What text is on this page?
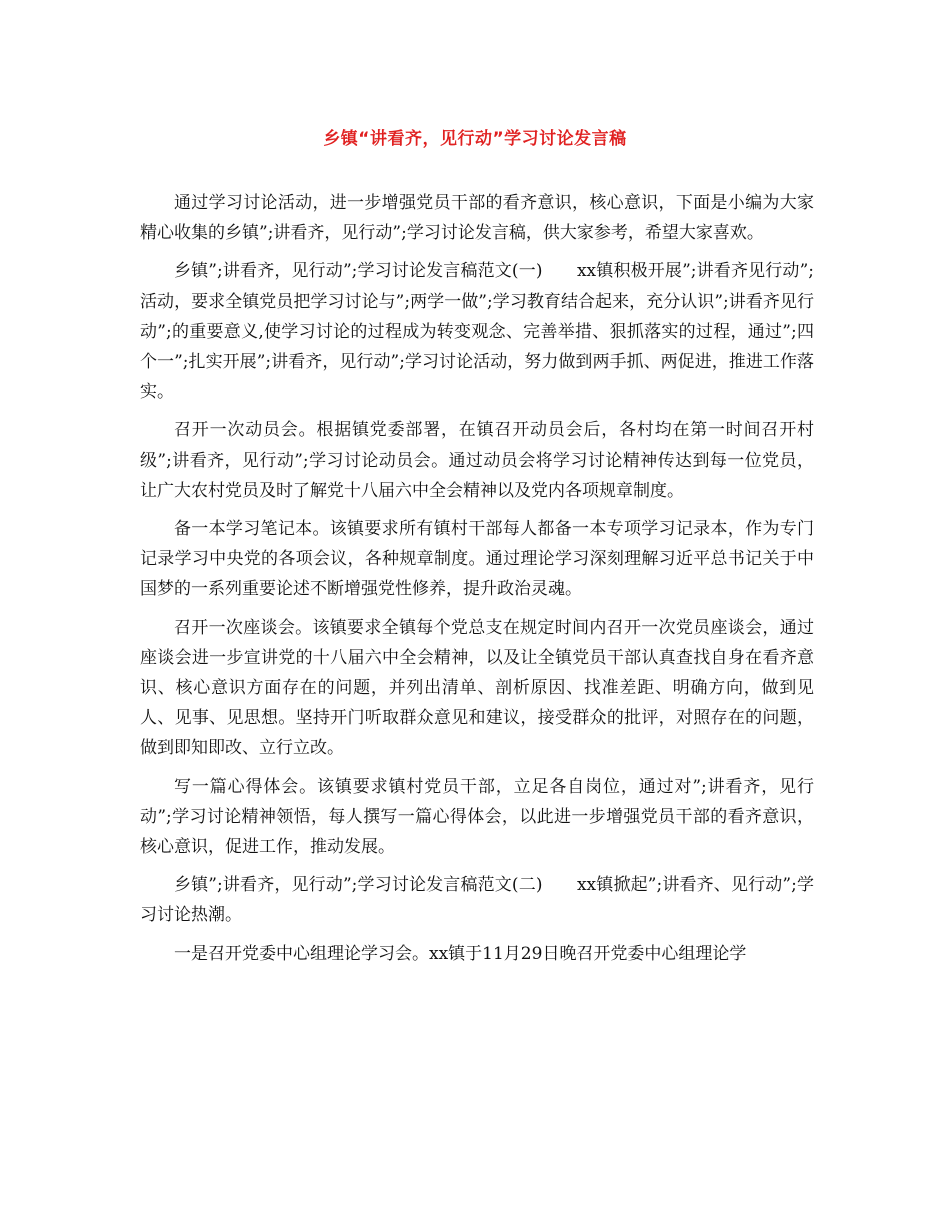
乡镇“讲看齐，见行动”学习讨论发言稿

通过学习讨论活动，进一步增强党员干部的看齐意识，核心意识，下面是小编为大家精心收集的乡镇”;讲看齐，见行动”;学习讨论发言稿，供大家参考，希望大家喜欢。

乡镇”;讲看齐，见行动”;学习讨论发言稿范文(一)　　xx镇积极开展”;讲看齐见行动”;活动，要求全镇党员把学习讨论与”;两学一做”;学习教育结合起来，充分认识”;讲看齐见行动”;的重要意义,使学习讨论的过程成为转变观念、完善举措、狠抓落实的过程，通过”;四个一”;扎实开展”;讲看齐，见行动”;学习讨论活动，努力做到两手抓、两促进，推进工作落实。

召开一次动员会。根据镇党委部署，在镇召开动员会后，各村均在第一时间召开村级”;讲看齐，见行动”;学习讨论动员会。通过动员会将学习讨论精神传达到每一位党员，让广大农村党员及时了解党十八届六中全会精神以及党内各项规章制度。

备一本学习笔记本。该镇要求所有镇村干部每人都备一本专项学习记录本，作为专门记录学习中央党的各项会议，各种规章制度。通过理论学习深刻理解习近平总书记关于中国梦的一系列重要论述不断增强党性修养，提升政治灵魂。

召开一次座谈会。该镇要求全镇每个党总支在规定时间内召开一次党员座谈会，通过座谈会进一步宣讲党的十八届六中全会精神，以及让全镇党员干部认真查找自身在看齐意识、核心意识方面存在的问题，并列出清单、剖析原因、找准差距、明确方向，做到见人、见事、见思想。坚持开门听取群众意见和建议，接受群众的批评，对照存在的问题，做到即知即改、立行立改。

写一篇心得体会。该镇要求镇村党员干部，立足各自岗位，通过对”;讲看齐，见行动”;学习讨论精神领悟，每人撰写一篇心得体会，以此进一步增强党员干部的看齐意识，核心意识，促进工作，推动发展。

乡镇”;讲看齐，见行动”;学习讨论发言稿范文(二)　　xx镇掀起”;讲看齐、见行动”;学习讨论热潮。

一是召开党委中心组理论学习会。xx镇于11月29日晚召开党委中心组理论学
